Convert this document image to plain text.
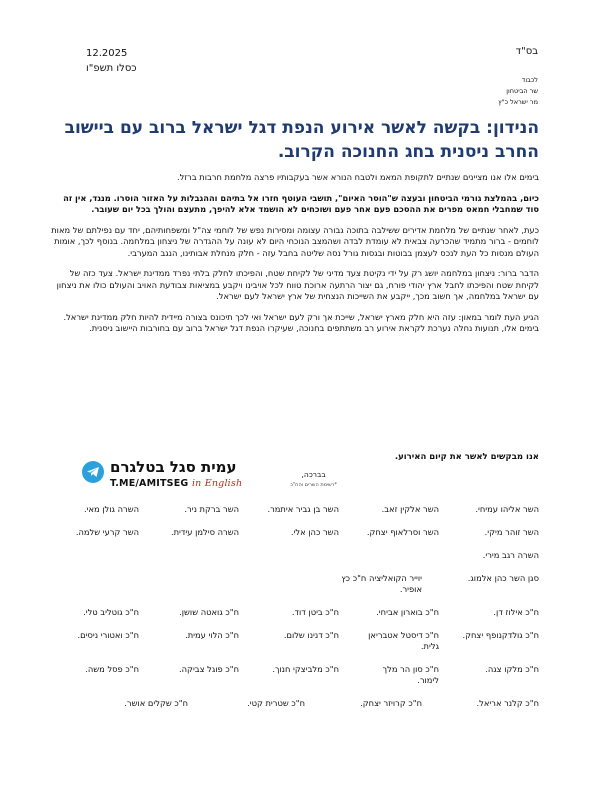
בס"ד
12.2025
כסלו תשפ"ו
לכבוד
שר הביטחון
מר ישראל כ"ץ
הנידון: בקשה לאשר אירוע הנפת דגל ישראל ברוב עם ביישוב החרב ניסנית בחג החנוכה הקרוב.

בימים אלו אנו מציינים שנתיים לתקופת המאמ ולטבח הנורא אשר בעקבותיו פרצה מלחמת חרבות ברזל.

כיום, בהמלצת גורמי הביטחון ובעצה ש"הוסר האיום", תושבי העוטף חזרו אל בתיהם וההגבלות על האזור הוסרו. מנגד, אין זה סוד שמחבלי חמאס מפרים את ההסכם פעם אחר פעם ושוכחים לא הושמד אלא להיפך, מתעצם והולך בכל יום שעובר.

כעת, לאחר שנתיים של מלחמת אדירים ששילבה בתוכה גבורה עצומה ומסירות נפש של לוחמי צה"ל ומשפחותיהם, יחד עם נפילתם של מאות לוחמים - ברור מתמיד שהכרעה צבאית לא עומדת לבדה ושהמצב הנוכחי היום לא עונה על ההגדרה של ניצחון במלחמה. בנוסף לכך, אומות העולם מנסות כל העת לנכס לעצמן בבוטות ובגסות גורל נסה שליטה בחבל עזה - חלק מנחלת אבותינו, הנגב המערבי.

הדבר ברור: ניצחון במלחמה יושג רק על ידי נקיטת צעד מדיני של לקיחת שטח, והפיכתו לחלק בלתי נפרד ממדינת ישראל. צעד כזה של לקיחת שטח והפיכתו לחבל ארץ יהודי פורח, גם יצור הרתעה ארוכת טווח לכל אויבינו ויקבע במציאות צבודעת האויב והעולם כולו את ניצחון עם ישראל במלחמה, אך חשוב מכך, ייקבע את השייכות הנצחית של ארץ ישראל לעם ישראל.

הגיע העת לומר במאון: עזה היא חלק מארץ ישראל, שייכת אך ורק לעם ישראל ואי לכך תיכונס בצורה מיידית להיות חלק ממדינת ישראל. בימים אלו, תנועות נחלה נערכת לקראת אירוע רב משתתפים בחנוכה, שעיקרו הנפת דגל ישראל ברוב עם בחורבות היישוב ניסנית.

אנו מבקשים לאשר את קיום האירוע.
בברכה,
*רשימת השרים והח"כ
עמית סגל בטלגרם
T.ME/AMITSEG in English
השר אליהו עמיחי.
השר אלקין זאב.
השר בן גביר איתמר.
השר ברקת ניר.
השרה גולן מאי.
השר זוהר מיקי.
השר וסרלאוף יצחק.
השר כהן אלי.
השרה סילמן עידית.
השר קרעי שלמה.
השרה רגב מירי.
סגן השר כהן אלמוג.
יוייר הקואליציה ח"כ כץ אופיר.
ח"כ אילוז דן.
ח"כ בוארון אביחי.
ח"כ ביטן דוד.
ח"כ גואטה שושן.
ח"כ גוטליב טלי.
ח"כ גולדקנופף יצחק.
ח"כ דיסטל אטבריאן גלית.
ח"כ דנינו שלום.
ח"כ הלוי עמית.
ח"כ ואטורי ניסים.
ח"כ מלקו צגה.
ח"כ סון הר מלך לימור.
ח"כ מלביצקי חנוך.
ח"כ פוגל צביקה.
ח"כ פסל משה.
ח"כ קלנר אריאל.
ח"כ קרויזר יצחק.
ח"כ שטרית קטי.
ח"כ שקלים אושר.
